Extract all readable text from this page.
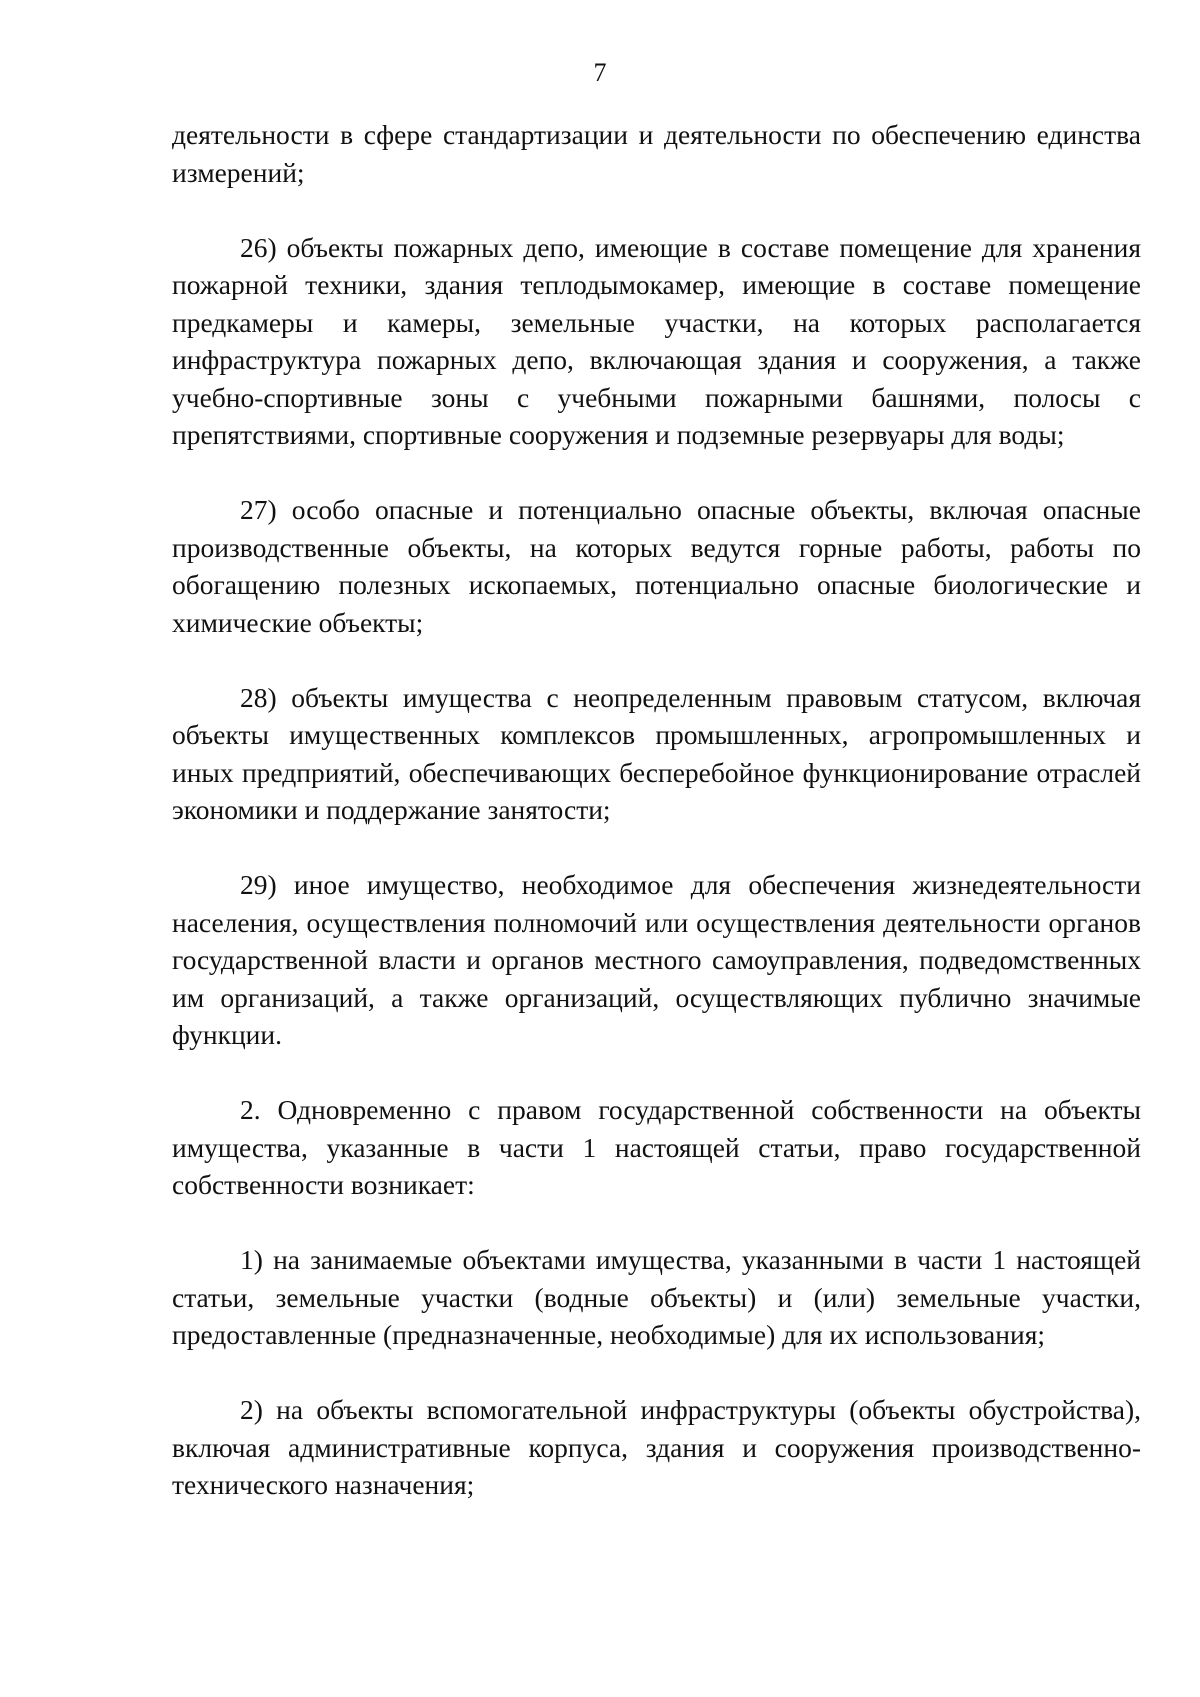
7

деятельности в сфере стандартизации и деятельности по обеспечению единства измерений;

26) объекты пожарных депо, имеющие в составе помещение для хранения пожарной техники, здания теплодымокамер, имеющие в составе помещение предкамеры и камеры, земельные участки, на которых располагается инфраструктура пожарных депо, включающая здания и сооружения, а также учебно-спортивные зоны с учебными пожарными башнями, полосы с препятствиями, спортивные сооружения и подземные резервуары для воды;

27) особо опасные и потенциально опасные объекты, включая опасные производственные объекты, на которых ведутся горные работы, работы по обогащению полезных ископаемых, потенциально опасные биологические и химические объекты;

28) объекты имущества с неопределенным правовым статусом, включая объекты имущественных комплексов промышленных, агропромышленных и иных предприятий, обеспечивающих бесперебойное функционирование отраслей экономики и поддержание занятости;

29) иное имущество, необходимое для обеспечения жизнедеятельности населения, осуществления полномочий или осуществления деятельности органов государственной власти и органов местного самоуправления, подведомственных им организаций, а также организаций, осуществляющих публично значимые функции.

2. Одновременно с правом государственной собственности на объекты имущества, указанные в части 1 настоящей статьи, право государственной собственности возникает:

1) на занимаемые объектами имущества, указанными в части 1 настоящей статьи, земельные участки (водные объекты) и (или) земельные участки, предоставленные (предназначенные, необходимые) для их использования;

2) на объекты вспомогательной инфраструктуры (объекты обустройства), включая административные корпуса, здания и сооружения производственно-технического назначения;
